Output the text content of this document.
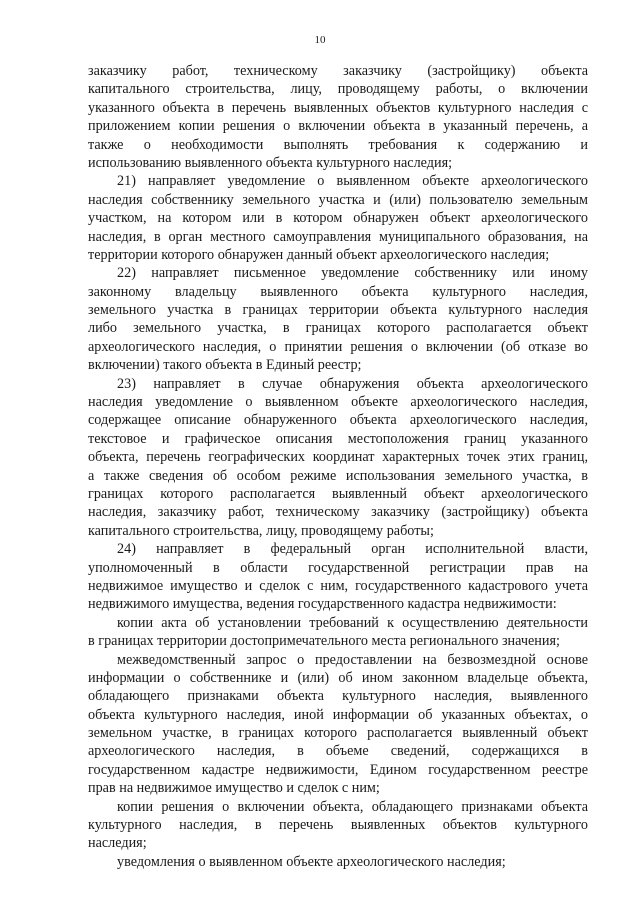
10
заказчику работ, техническому заказчику (застройщику) объекта
капитального строительства, лицу, проводящему работы, о включении
указанного объекта в перечень выявленных объектов культурного наследия с
приложением копии решения о включении объекта в указанный перечень, а
также о необходимости выполнять требования к содержанию и
использованию выявленного объекта культурного наследия;
21) направляет уведомление о выявленном объекте археологического
наследия собственнику земельного участка и (или) пользователю земельным
участком, на котором или в котором обнаружен объект археологического
наследия, в орган местного самоуправления муниципального образования, на
территории которого обнаружен данный объект археологического наследия;
22) направляет письменное уведомление собственнику или иному
законному владельцу выявленного объекта культурного наследия,
земельного участка в границах территории объекта культурного наследия
либо земельного участка, в границах которого располагается объект
археологического наследия, о принятии решения о включении (об отказе во
включении) такого объекта в Единый реестр;
23) направляет в случае обнаружения объекта археологического
наследия уведомление о выявленном объекте археологического наследия,
содержащее описание обнаруженного объекта археологического наследия,
текстовое и графическое описания местоположения границ указанного
объекта, перечень географических координат характерных точек этих границ,
а также сведения об особом режиме использования земельного участка, в
границах которого располагается выявленный объект археологического
наследия, заказчику работ, техническому заказчику (застройщику) объекта
капитального строительства, лицу, проводящему работы;
24) направляет в федеральный орган исполнительной власти,
уполномоченный в области государственной регистрации прав на
недвижимое имущество и сделок с ним, государственного кадастрового учета
недвижимого имущества, ведения государственного кадастра недвижимости:
копии акта об установлении требований к осуществлению деятельности
в границах территории достопримечательного места регионального значения;
межведомственный запрос о предоставлении на безвозмездной основе
информации о собственнике и (или) об ином законном владельце объекта,
обладающего признаками объекта культурного наследия, выявленного
объекта культурного наследия, иной информации об указанных объектах, о
земельном участке, в границах которого располагается выявленный объект
археологического наследия, в объеме сведений, содержащихся в
государственном кадастре недвижимости, Едином государственном реестре
прав на недвижимое имущество и сделок с ним;
копии решения о включении объекта, обладающего признаками объекта
культурного наследия, в перечень выявленных объектов культурного
наследия;
уведомления о выявленном объекте археологического наследия;
